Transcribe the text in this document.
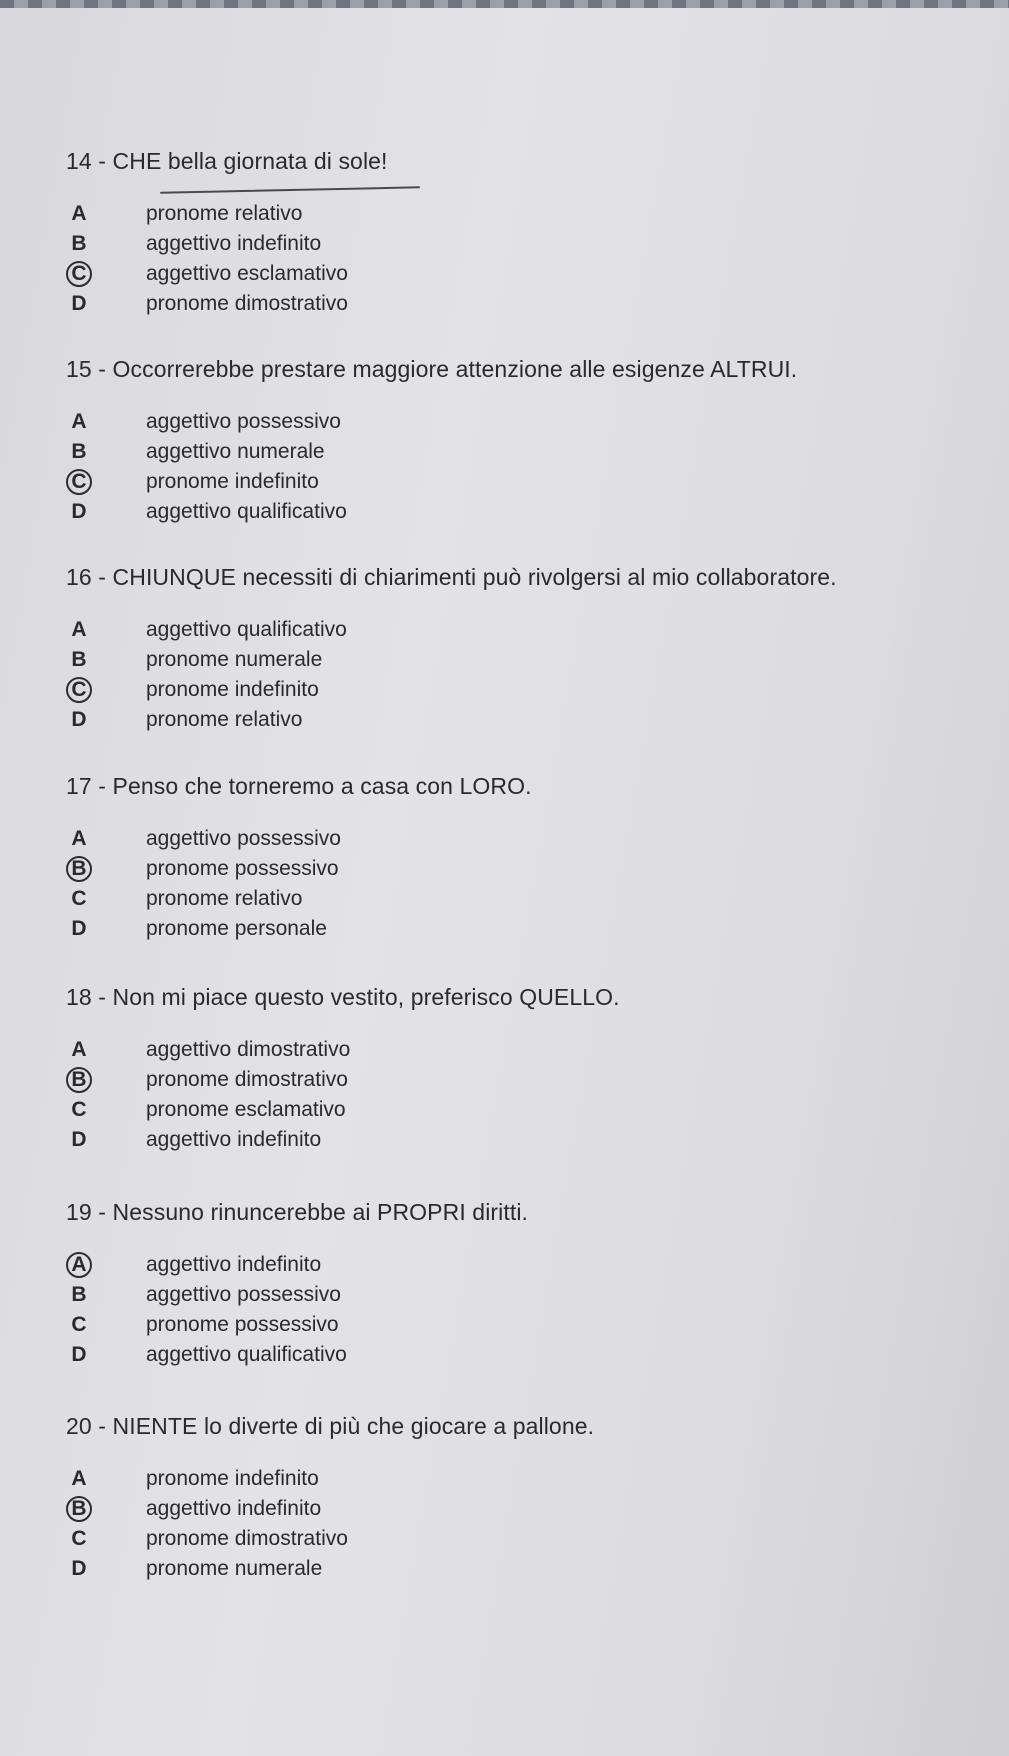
14 - CHE bella giornata di sole!

A	pronome relativo
B	aggettivo indefinito
C	aggettivo esclamativo
D	pronome dimostrativo

15 - Occorrerebbe prestare maggiore attenzione alle esigenze ALTRUI.

A	aggettivo possessivo
B	aggettivo numerale
C	pronome indefinito
D	aggettivo qualificativo

16 - CHIUNQUE necessiti di chiarimenti può rivolgersi al mio collaboratore.

A	aggettivo qualificativo
B	pronome numerale
C	pronome indefinito
D	pronome relativo

17 - Penso che torneremo a casa con LORO.

A	aggettivo possessivo
B	pronome possessivo
C	pronome relativo
D	pronome personale

18 - Non mi piace questo vestito, preferisco QUELLO.

A	aggettivo dimostrativo
B	pronome dimostrativo
C	pronome esclamativo
D	aggettivo indefinito

19 - Nessuno rinuncerebbe ai PROPRI diritti.

A	aggettivo indefinito
B	aggettivo possessivo
C	pronome possessivo
D	aggettivo qualificativo

20 - NIENTE lo diverte di più che giocare a pallone.

A	pronome indefinito
B	aggettivo indefinito
C	pronome dimostrativo
D	pronome numerale
